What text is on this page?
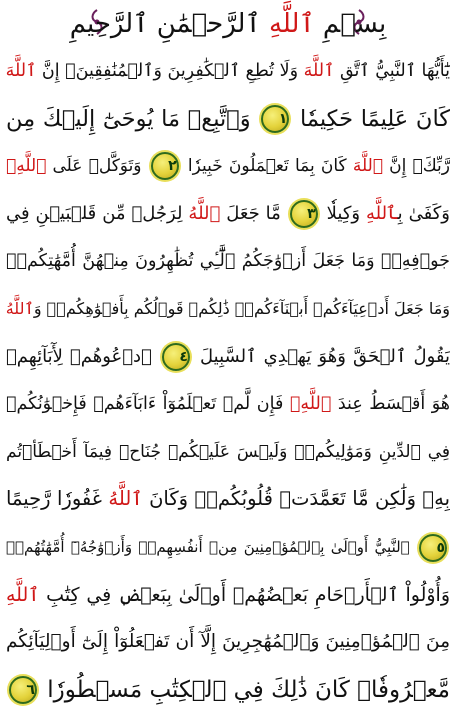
بِسۡمِ ٱللَّهِ ٱلرَّحۡمَٰنِ ٱلرَّحِيمِ
يَٰٓأَيُّهَا ٱلنَّبِيُّ ٱتَّقِ ٱللَّهَ وَلَا تُطِعِ ٱلۡكَٰفِرِينَ وَٱلۡمُنَٰفِقِينَۚ إِنَّ ٱللَّهَ
كَانَ عَلِيمًا حَكِيمٗا ١ وَٱتَّبِعۡ مَا يُوحَىٰٓ إِلَيۡكَ مِن
رَّبِّكَۚ إِنَّ ٱللَّهَ كَانَ بِمَا تَعۡمَلُونَ خَبِيرٗا ٢ وَتَوَكَّلۡ عَلَى ٱللَّهِۚ
وَكَفَىٰ بِٱللَّهِ وَكِيلٗا ٣ مَّا جَعَلَ ٱللَّهُ لِرَجُلٖ مِّن قَلۡبَيۡنِ فِي
جَوۡفِهِۦۚ وَمَا جَعَلَ أَزۡوَٰجَكُمُ ٱلَّٰٓـِٔي تُظَٰهِرُونَ مِنۡهُنَّ أُمَّهَٰتِكُمۡۚ
وَمَا جَعَلَ أَدۡعِيَآءَكُمۡ أَبۡنَآءَكُمۡۚ ذَٰلِكُمۡ قَوۡلُكُم بِأَفۡوَٰهِكُمۡۖ وَٱللَّهُ
يَقُولُ ٱلۡحَقَّ وَهُوَ يَهۡدِي ٱلسَّبِيلَ ٤ ٱدۡعُوهُمۡ لِأٓبَآئِهِمۡ
هُوَ أَقۡسَطُ عِندَ ٱللَّهِۚ فَإِن لَّمۡ تَعۡلَمُوٓاْ ءَابَآءَهُمۡ فَإِخۡوَٰنُكُمۡ
فِي ٱلدِّينِ وَمَوَٰلِيكُمۡۚ وَلَيۡسَ عَلَيۡكُمۡ جُنَاحٞ فِيمَآ أَخۡطَأۡتُم
بِهِۦ وَلَٰكِن مَّا تَعَمَّدَتۡ قُلُوبُكُمۡۚ وَكَانَ ٱللَّهُ غَفُورٗا رَّحِيمًا
٥ ٱلنَّبِيُّ أَوۡلَىٰ بِٱلۡمُؤۡمِنِينَ مِنۡ أَنفُسِهِمۡۖ وَأَزۡوَٰجُهُۥٓ أُمَّهَٰتُهُمۡۗ
وَأُوْلُواْ ٱلۡأَرۡحَامِ بَعۡضُهُمۡ أَوۡلَىٰ بِبَعۡضٖ فِي كِتَٰبِ ٱللَّهِ
مِنَ ٱلۡمُؤۡمِنِينَ وَٱلۡمُهَٰجِرِينَ إِلَّآ أَن تَفۡعَلُوٓاْ إِلَىٰٓ أَوۡلِيَآئِكُم
مَّعۡرُوفٗاۚ كَانَ ذَٰلِكَ فِي ٱلۡكِتَٰبِ مَسۡطُورٗا ٦
